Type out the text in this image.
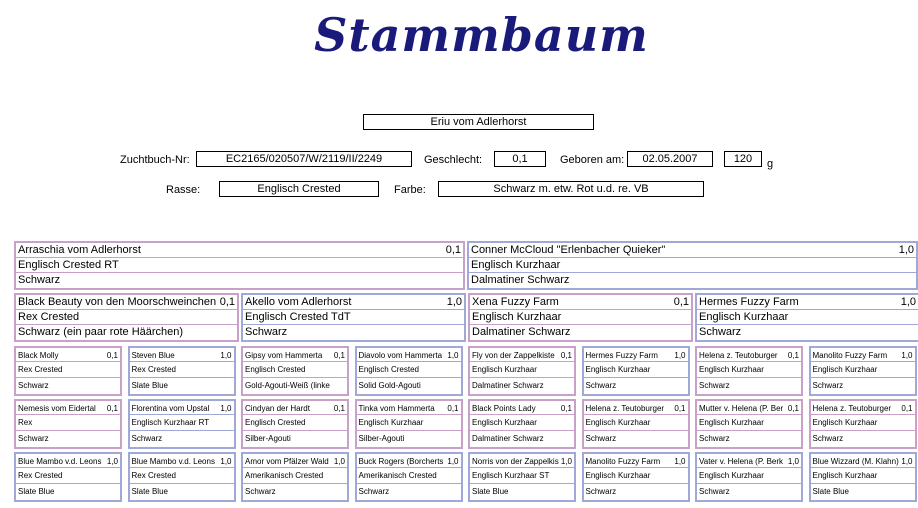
Stammbaum
Eriu vom Adlerhorst
Zuchtbuch-Nr:	EC2165/020507/W/2119/II/2249	Geschlecht:	0,1	Geboren am:	02.05.2007	120	g
Rasse:	Englisch Crested	Farbe:	Schwarz m. etw. Rot u.d. re. VB
Arraschia vom Adlerhorst	0,1
Englisch Crested RT
Schwarz
Conner McCloud "Erlenbacher Quieker"	1,0
Englisch Kurzhaar
Dalmatiner Schwarz
Black Beauty von den Moorschweinchen 0,1
Rex Crested
Schwarz (ein paar rote Häärchen)
Akello vom Adlerhorst	1,0
Englisch Crested TdT
Schwarz
Xena Fuzzy Farm	0,1
Englisch Kurzhaar
Dalmatiner Schwarz
Hermes Fuzzy Farm	1,0
Englisch Kurzhaar
Schwarz
Black Molly	0,1
Rex Crested
Schwarz
Steven Blue	1,0
Rex Crested
Slate Blue
Gipsy vom Hammerta 0,1
Englisch Crested
Gold-Agouti-Weiß (linke
Diavolo vom Hammerta 1,0
Englisch Crested
Solid Gold-Agouti
Fly von der Zappelkiste 0,1
Englisch Kurzhaar
Dalmatiner Schwarz
Hermes Fuzzy Farm 1,0
Englisch Kurzhaar
Schwarz
Helena z. Teutoburger 0,1
Englisch Kurzhaar
Schwarz
Manolito Fuzzy Farm 1,0
Englisch Kurzhaar
Schwarz
Nemesis vom Eidertal 0,1
Rex
Schwarz
Florentina vom Upstal 1,0
Englisch Kurzhaar RT
Schwarz
Cindyan der Hardt	0,1
Englisch Crested
Silber-Agouti
Tinka vom Hammerta 0,1
Englisch Kurzhaar
Silber-Agouti
Black Points Lady	0,1
Englisch Kurzhaar
Dalmatiner Schwarz
Helena z. Teutoburger 0,1
Englisch Kurzhaar
Schwarz
Mutter v. Helena (P. Ber 0,1
Englisch Kurzhaar
Schwarz
Helena z. Teutoburger 0,1
Englisch Kurzhaar
Schwarz
Blue Mambo v.d. Leons 1,0
Rex Crested
Slate Blue
Blue Mambo v.d. Leons 1,0
Rex Crested
Slate Blue
Amor vom Pfälzer Wald 1,0
Amerikanisch Crested
Schwarz
Buck Rogers (Borcherts 1,0
Amerikanisch Crested
Schwarz
Norris von der Zappelkis 1,0
Englisch Kurzhaar ST
Slate Blue
Manolito Fuzzy Farm 1,0
Englisch Kurzhaar
Schwarz
Vater v. Helena (P. Berk 1,0
Englisch Kurzhaar
Schwarz
Blue Wizzard (M. Klahn) 1,0
Englisch Kurzhaar
Slate Blue
